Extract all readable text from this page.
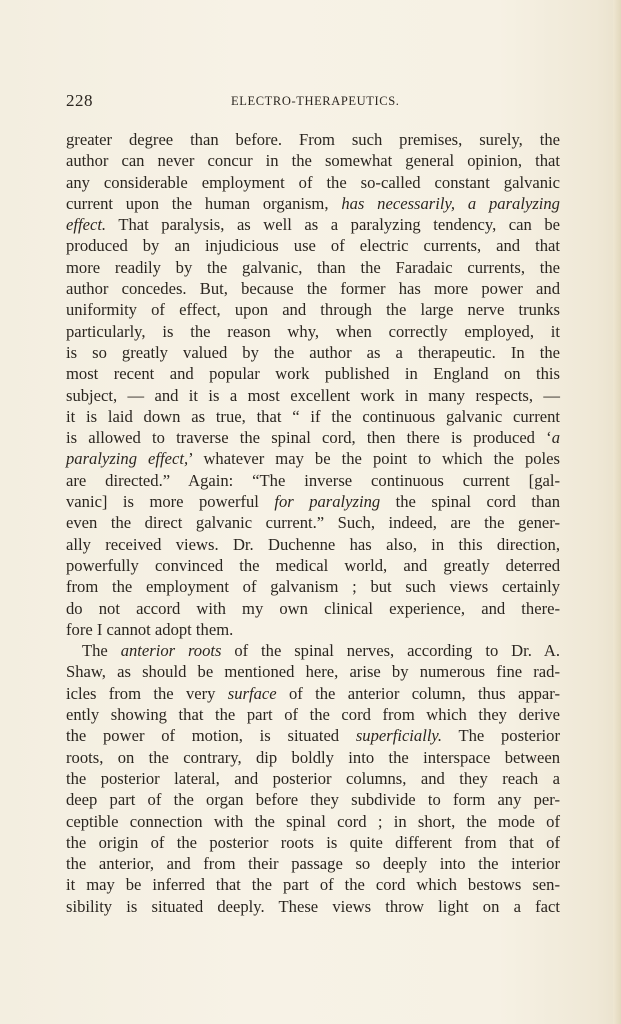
228	ELECTRO-THERAPEUTICS.
greater degree than before. From such premises, surely, the
author can never concur in the somewhat general opinion, that
any considerable employment of the so-called constant galvanic
current upon the human organism, has necessarily, a paralyzing
effect. That paralysis, as well as a paralyzing tendency, can be
produced by an injudicious use of electric currents, and that
more readily by the galvanic, than the Faradaic currents, the
author concedes. But, because the former has more power and
uniformity of effect, upon and through the large nerve trunks
particularly, is the reason why, when correctly employed, it
is so greatly valued by the author as a therapeutic. In the
most recent and popular work published in England on this
subject, — and it is a most excellent work in many respects, —
it is laid down as true, that “ if the continuous galvanic current
is allowed to traverse the spinal cord, then there is produced ‘a
paralyzing effect,’ whatever may be the point to which the poles
are directed.” Again: “The inverse continuous current [gal-
vanic] is more powerful for paralyzing the spinal cord than
even the direct galvanic current.” Such, indeed, are the gener-
ally received views. Dr. Duchenne has also, in this direction,
powerfully convinced the medical world, and greatly deterred
from the employment of galvanism ; but such views certainly
do not accord with my own clinical experience, and there-
fore I cannot adopt them.
The anterior roots of the spinal nerves, according to Dr. A.
Shaw, as should be mentioned here, arise by numerous fine rad-
icles from the very surface of the anterior column, thus appar-
ently showing that the part of the cord from which they derive
the power of motion, is situated superficially. The posterior
roots, on the contrary, dip boldly into the interspace between
the posterior lateral, and posterior columns, and they reach a
deep part of the organ before they subdivide to form any per-
ceptible connection with the spinal cord ; in short, the mode of
the origin of the posterior roots is quite different from that of
the anterior, and from their passage so deeply into the interior
it may be inferred that the part of the cord which bestows sen-
sibility is situated deeply. These views throw light on a fact
